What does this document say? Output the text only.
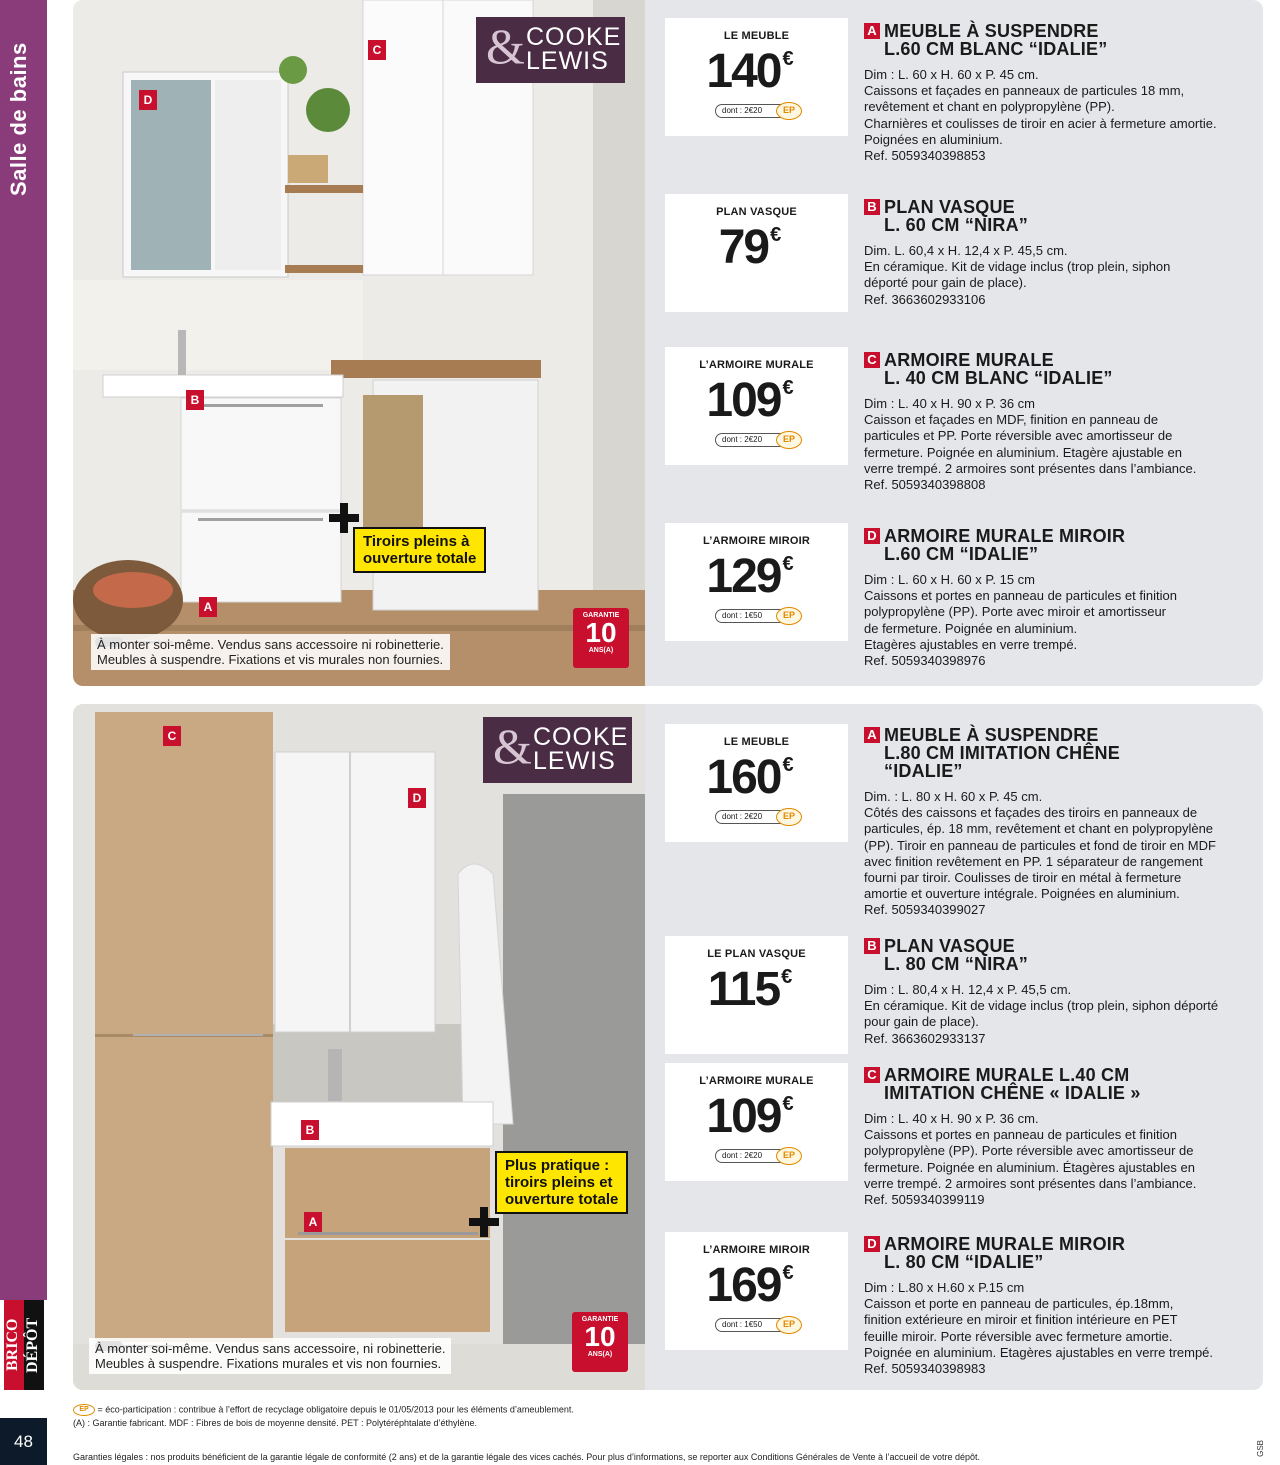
Salle de bains
BRICO DÉPÔT
48
D
C
B
A
& COOKE
LEWIS
Tiroirs pleins à
ouverture totale
GARANTIE
10
ANS(A)
À monter soi-même. Vendus sans accessoire ni robinetterie.
Meubles à suspendre. Fixations et vis murales non fournies.
LE MEUBLE
140 €
dont : 2€20	EP
PLAN VASQUE
79 €
L’ARMOIRE MURALE
109 €
dont : 2€20	EP
L’ARMOIRE MIROIR
129 €
dont : 1€50	EP
A MEUBLE À SUSPENDRE
L.60 CM BLANC “IDALIE”
Dim : L. 60 x H. 60 x P. 45 cm.
Caissons et façades en panneaux de particules 18 mm,
revêtement et chant en polypropylène (PP).
Charnières et coulisses de tiroir en acier à fermeture amortie.
Poignées en aluminium.
Ref. 5059340398853
B PLAN VASQUE
L. 60 CM “NIRA”
Dim. L. 60,4 x H. 12,4 x P. 45,5 cm.
En céramique. Kit de vidage inclus (trop plein, siphon
déporté pour gain de place).
Ref. 3663602933106
C ARMOIRE MURALE
L. 40 CM BLANC “IDALIE”
Dim : L. 40 x H. 90 x P. 36 cm
Caisson et façades en MDF, finition en panneau de
particules et PP. Porte réversible avec amortisseur de
fermeture. Poignée en aluminium. Etagère ajustable en
verre trempé. 2 armoires sont présentes dans l’ambiance.
Ref. 5059340398808
D ARMOIRE MURALE MIROIR
L.60 CM “IDALIE”
Dim : L. 60 x H. 60 x P. 15 cm
Caissons et portes en panneau de particules et finition
polypropylène (PP). Porte avec miroir et amortisseur
de fermeture. Poignée en aluminium.
Etagères ajustables en verre trempé.
Ref. 5059340398976
C
D
B
A
& COOKE
LEWIS
Plus pratique :
tiroirs pleins et
ouverture totale
GARANTIE
10
ANS(A)
À monter soi-même. Vendus sans accessoire, ni robinetterie.
Meubles à suspendre. Fixations murales et vis non fournies.
LE MEUBLE
160 €
dont : 2€20	EP
LE PLAN VASQUE
115 €
L’ARMOIRE MURALE
109 €
dont : 2€20	EP
L’ARMOIRE MIROIR
169 €
dont : 1€50	EP
A MEUBLE À SUSPENDRE
L.80 CM IMITATION CHÊNE
“IDALIE”
Dim. : L. 80 x H. 60 x P. 45 cm.
Côtés des caissons et façades des tiroirs en panneaux de
particules, ép. 18 mm, revêtement et chant en polypropylène
(PP). Tiroir en panneau de particules et fond de tiroir en MDF
avec finition revêtement en PP. 1 séparateur de rangement
fourni par tiroir. Coulisses de tiroir en métal à fermeture
amortie et ouverture intégrale. Poignées en aluminium.
Ref. 5059340399027
B PLAN VASQUE
L. 80 CM “NIRA”
Dim : L. 80,4 x H. 12,4 x P. 45,5 cm.
En céramique. Kit de vidage inclus (trop plein, siphon déporté
pour gain de place).
Ref. 3663602933137
C ARMOIRE MURALE L.40 CM
IMITATION CHÊNE « IDALIE »
Dim : L. 40 x H. 90 x P. 36 cm.
Caissons et portes en panneau de particules et finition
polypropylène (PP). Porte réversible avec amortisseur de
fermeture. Poignée en aluminium. Étagères ajustables en
verre trempé. 2 armoires sont présentes dans l’ambiance.
Ref. 5059340399119
D ARMOIRE MURALE MIROIR
L. 80 CM “IDALIE”
Dim : L.80 x H.60 x P.15 cm
Caisson et porte en panneau de particules, ép.18mm,
finition extérieure en miroir et finition intérieure en PET
feuille miroir. Porte réversible avec fermeture amortie.
Poignée en aluminium. Etagères ajustables en verre trempé.
Ref. 5059340398983
EP = éco-participation : contribue à l’effort de recyclage obligatoire depuis le 01/05/2013 pour les éléments d’ameublement.
(A) : Garantie fabricant. MDF : Fibres de bois de moyenne densité. PET : Polytéréphtalate d’éthylène.
Garanties légales : nos produits bénéficient de la garantie légale de conformité (2 ans) et de la garantie légale des vices cachés. Pour plus d’informations, se reporter aux Conditions Générales de Vente à l’accueil de votre dépôt.
GSB
